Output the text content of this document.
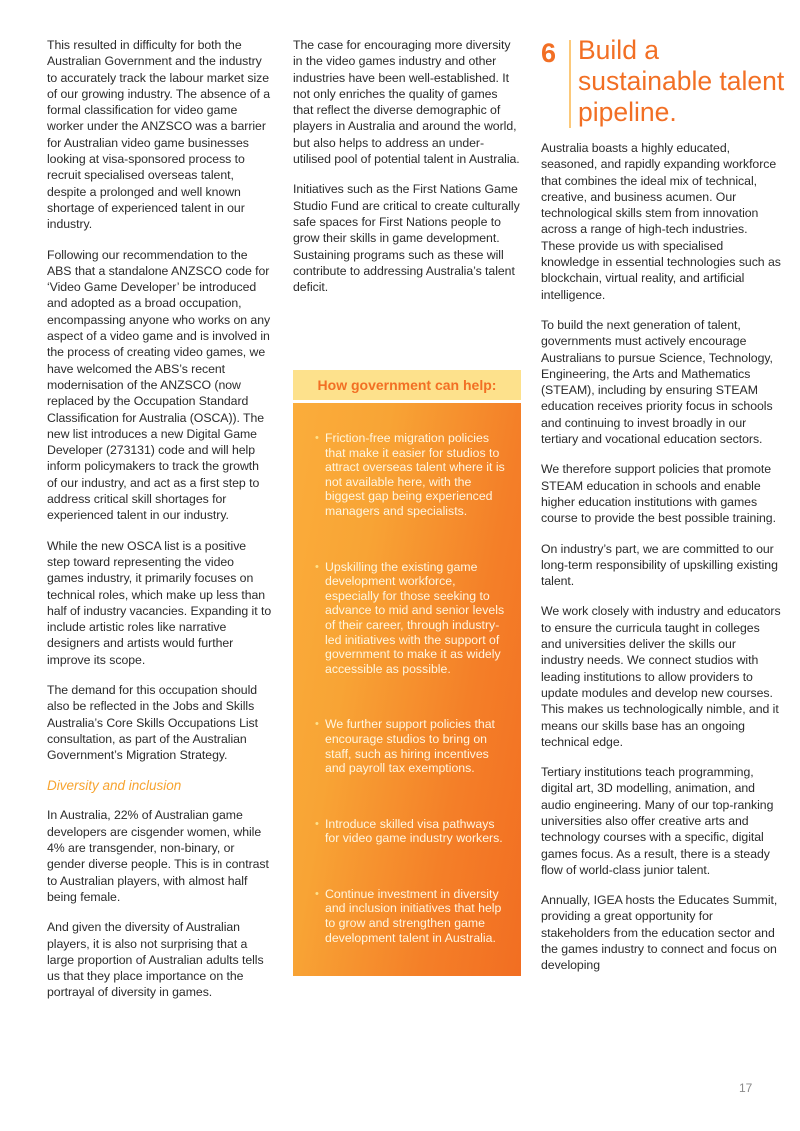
This resulted in difficulty for both the Australian Government and the industry to accurately track the labour market size of our growing industry. The absence of a formal classification for video game worker under the ANZSCO was a barrier for Australian video game businesses looking at visa-sponsored process to recruit specialised overseas talent, despite a prolonged and well known shortage of experienced talent in our industry.

Following our recommendation to the ABS that a standalone ANZSCO code for ‘Video Game Developer’ be introduced and adopted as a broad occupation, encompassing anyone who works on any aspect of a video game and is involved in the process of creating video games, we have welcomed the ABS’s recent modernisation of the ANZSCO (now replaced by the Occupation Standard Classification for Australia (OSCA)). The new list introduces a new Digital Game Developer (273131) code and will help inform policymakers to track the growth of our industry, and act as a first step to address critical skill shortages for experienced talent in our industry.

While the new OSCA list is a positive step toward representing the video games industry, it primarily focuses on technical roles, which make up less than half of industry vacancies. Expanding it to include artistic roles like narrative designers and artists would further improve its scope.

The demand for this occupation should also be reflected in the Jobs and Skills Australia’s Core Skills Occupations List consultation, as part of the Australian Government’s Migration Strategy.

Diversity and inclusion

In Australia, 22% of Australian game developers are cisgender women, while 4% are transgender, non-binary, or gender diverse people. This is in contrast to Australian players, with almost half being female.

And given the diversity of Australian players, it is also not surprising that a large proportion of Australian adults tells us that they place importance on the portrayal of diversity in games.

The case for encouraging more diversity in the video games industry and other industries have been well-established. It not only enriches the quality of games that reflect the diverse demographic of players in Australia and around the world, but also helps to address an under-utilised pool of potential talent in Australia.

Initiatives such as the First Nations Game Studio Fund are critical to create culturally safe spaces for First Nations people to grow their skills in game development. Sustaining programs such as these will contribute to addressing Australia’s talent deficit.

How government can help:
• Friction-free migration policies that make it easier for studios to attract overseas talent where it is not available here, with the biggest gap being experienced managers and specialists.
• Upskilling the existing game development workforce, especially for those seeking to advance to mid and senior levels of their career, through industry-led initiatives with the support of government to make it as widely accessible as possible.
• We further support policies that encourage studios to bring on staff, such as hiring incentives and payroll tax exemptions.
• Introduce skilled visa pathways for video game industry workers.
• Continue investment in diversity and inclusion initiatives that help to grow and strengthen game development talent in Australia.
6 Build a sustainable talent pipeline.

Australia boasts a highly educated, seasoned, and rapidly expanding workforce that combines the ideal mix of technical, creative, and business acumen. Our technological skills stem from innovation across a range of high-tech industries. These provide us with specialised knowledge in essential technologies such as blockchain, virtual reality, and artificial intelligence.

To build the next generation of talent, governments must actively encourage Australians to pursue Science, Technology, Engineering, the Arts and Mathematics (STEAM), including by ensuring STEAM education receives priority focus in schools and continuing to invest broadly in our tertiary and vocational education sectors.

We therefore support policies that promote STEAM education in schools and enable higher education institutions with games course to provide the best possible training.

On industry’s part, we are committed to our long-term responsibility of upskilling existing talent.

We work closely with industry and educators to ensure the curricula taught in colleges and universities deliver the skills our industry needs. We connect studios with leading institutions to allow providers to update modules and develop new courses. This makes us technologically nimble, and it means our skills base has an ongoing technical edge.

Tertiary institutions teach programming, digital art, 3D modelling, animation, and audio engineering. Many of our top-ranking universities also offer creative arts and technology courses with a specific, digital games focus. As a result, there is a steady flow of world-class junior talent.

Annually, IGEA hosts the Educates Summit, providing a great opportunity for stakeholders from the education sector and the games industry to connect and focus on developing

17
